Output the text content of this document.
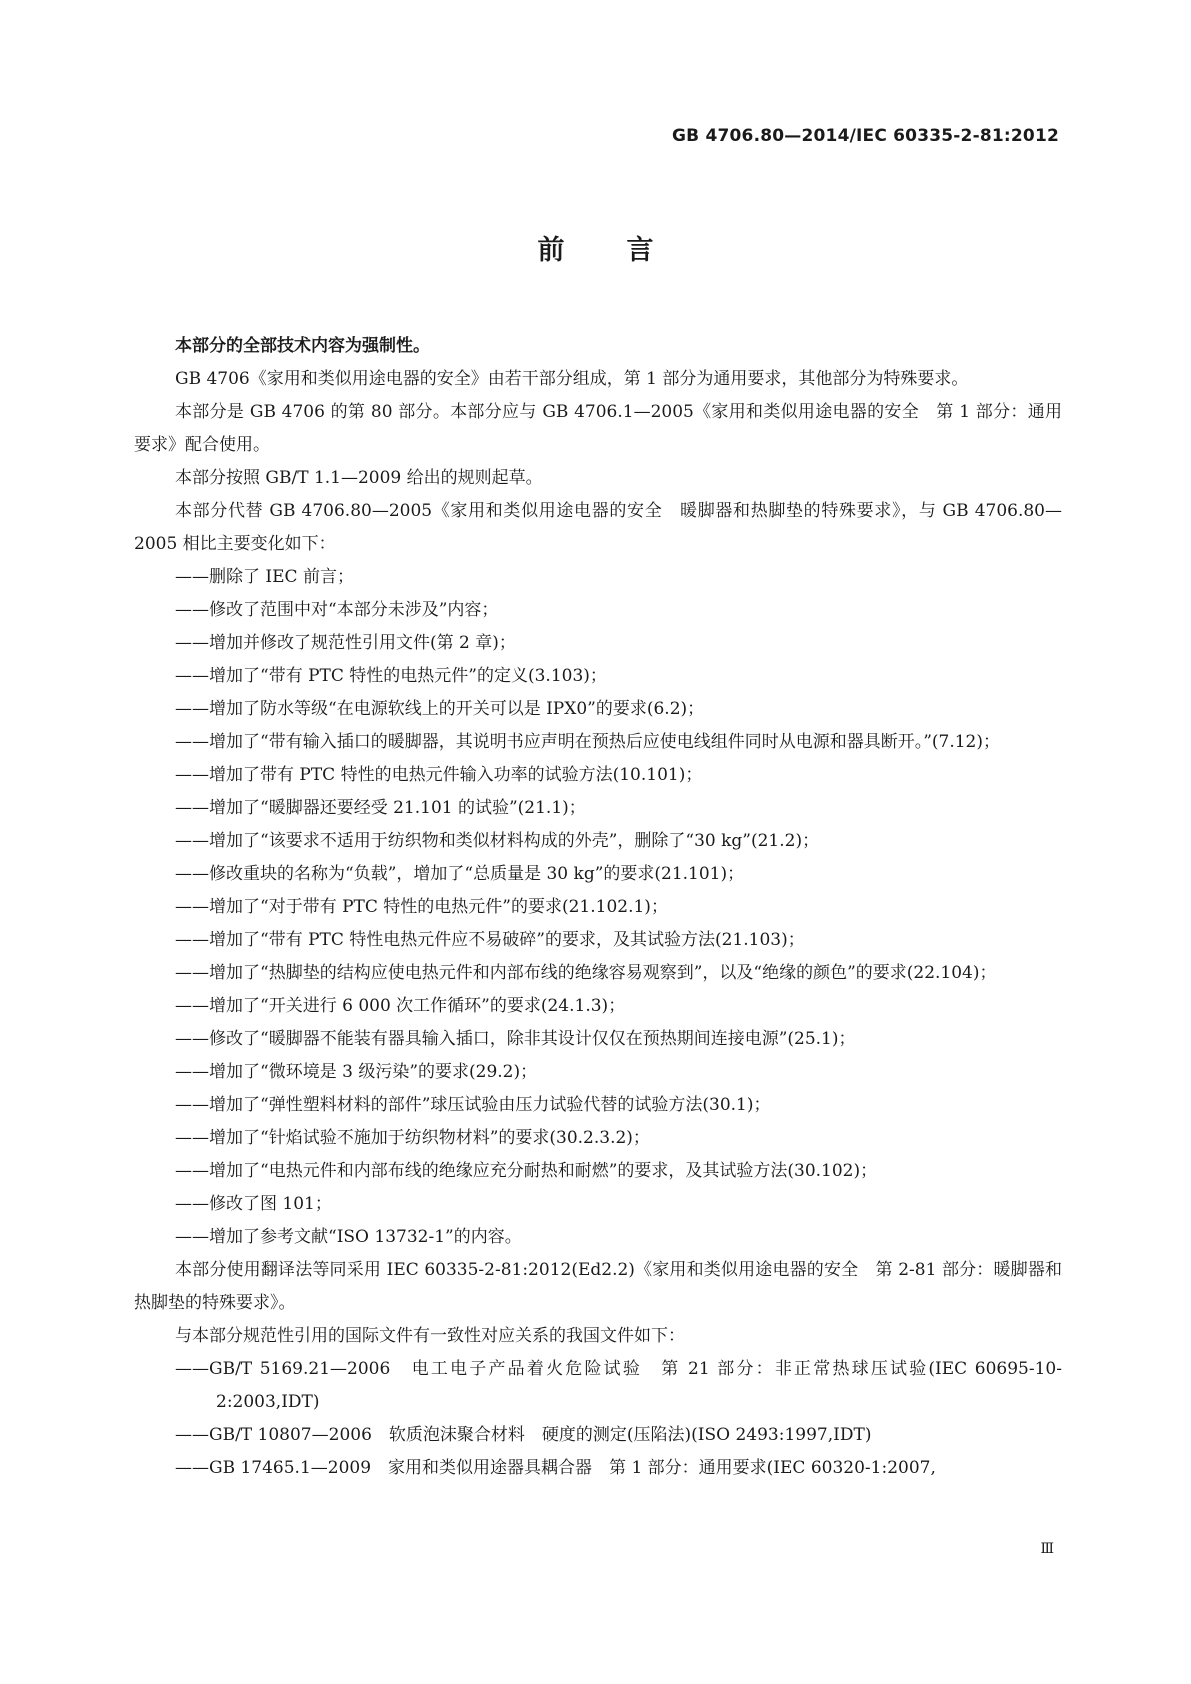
GB 4706.80—2014/IEC 60335-2-81:2012
前 言

本部分的全部技术内容为强制性。

GB 4706《家用和类似用途电器的安全》由若干部分组成，第 1 部分为通用要求，其他部分为特殊要求。

本部分是 GB 4706 的第 80 部分。本部分应与 GB 4706.1—2005《家用和类似用途电器的安全　第 1 部分：通用要求》配合使用。

本部分按照 GB/T 1.1—2009 给出的规则起草。

本部分代替 GB 4706.80—2005《家用和类似用途电器的安全　暖脚器和热脚垫的特殊要求》，与 GB 4706.80—2005 相比主要变化如下：

——删除了 IEC 前言；

——修改了范围中对“本部分未涉及”内容；

——增加并修改了规范性引用文件(第 2 章)；

——增加了“带有 PTC 特性的电热元件”的定义(3.103)；

——增加了防水等级“在电源软线上的开关可以是 IPX0”的要求(6.2)；

——增加了“带有输入插口的暖脚器，其说明书应声明在预热后应使电线组件同时从电源和器具断开。”(7.12)；

——增加了带有 PTC 特性的电热元件输入功率的试验方法(10.101)；

——增加了“暖脚器还要经受 21.101 的试验”(21.1)；

——增加了“该要求不适用于纺织物和类似材料构成的外壳”，删除了“30 kg”(21.2)；

——修改重块的名称为“负载”，增加了“总质量是 30 kg”的要求(21.101)；

——增加了“对于带有 PTC 特性的电热元件”的要求(21.102.1)；

——增加了“带有 PTC 特性电热元件应不易破碎”的要求，及其试验方法(21.103)；

——增加了“热脚垫的结构应使电热元件和内部布线的绝缘容易观察到”，以及“绝缘的颜色”的要求(22.104)；

——增加了“开关进行 6 000 次工作循环”的要求(24.1.3)；

——修改了“暖脚器不能装有器具输入插口，除非其设计仅仅在预热期间连接电源”(25.1)；

——增加了“微环境是 3 级污染”的要求(29.2)；

——增加了“弹性塑料材料的部件”球压试验由压力试验代替的试验方法(30.1)；

——增加了“针焰试验不施加于纺织物材料”的要求(30.2.3.2)；

——增加了“电热元件和内部布线的绝缘应充分耐热和耐燃”的要求，及其试验方法(30.102)；

——修改了图 101；

——增加了参考文献“ISO 13732-1”的内容。

本部分使用翻译法等同采用 IEC 60335-2-81:2012(Ed2.2)《家用和类似用途电器的安全　第 2-81 部分：暖脚器和热脚垫的特殊要求》。

与本部分规范性引用的国际文件有一致性对应关系的我国文件如下：

——GB/T 5169.21—2006　电工电子产品着火危险试验　第 21 部分：非正常热球压试验(IEC 60695-10-2:2003,IDT)

——GB/T 10807—2006　软质泡沫聚合材料　硬度的测定(压陷法)(ISO 2493:1997,IDT)

——GB 17465.1—2009　家用和类似用途器具耦合器　第 1 部分：通用要求(IEC 60320-1:2007,

Ⅲ
